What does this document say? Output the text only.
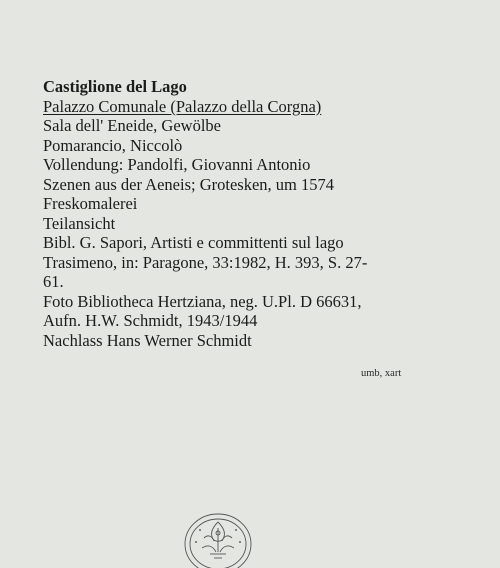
Castiglione del Lago
Palazzo Comunale (Palazzo della Corgna)
Sala dell' Eneide, Gewölbe
Pomarancio, Niccolò
Vollendung: Pandolfi, Giovanni Antonio
Szenen aus der Aeneis; Grotesken, um 1574
Freskomalerei
Teilansicht
Bibl. G. Sapori, Artisti e committenti sul lago
Trasimeno, in: Paragone, 33:1982, H. 393, S. 27-
61.
Foto Bibliotheca Hertziana, neg. U.Pl. D 66631,
Aufn. H.W. Schmidt, 1943/1944
Nachlass Hans Werner Schmidt
umb, xart
